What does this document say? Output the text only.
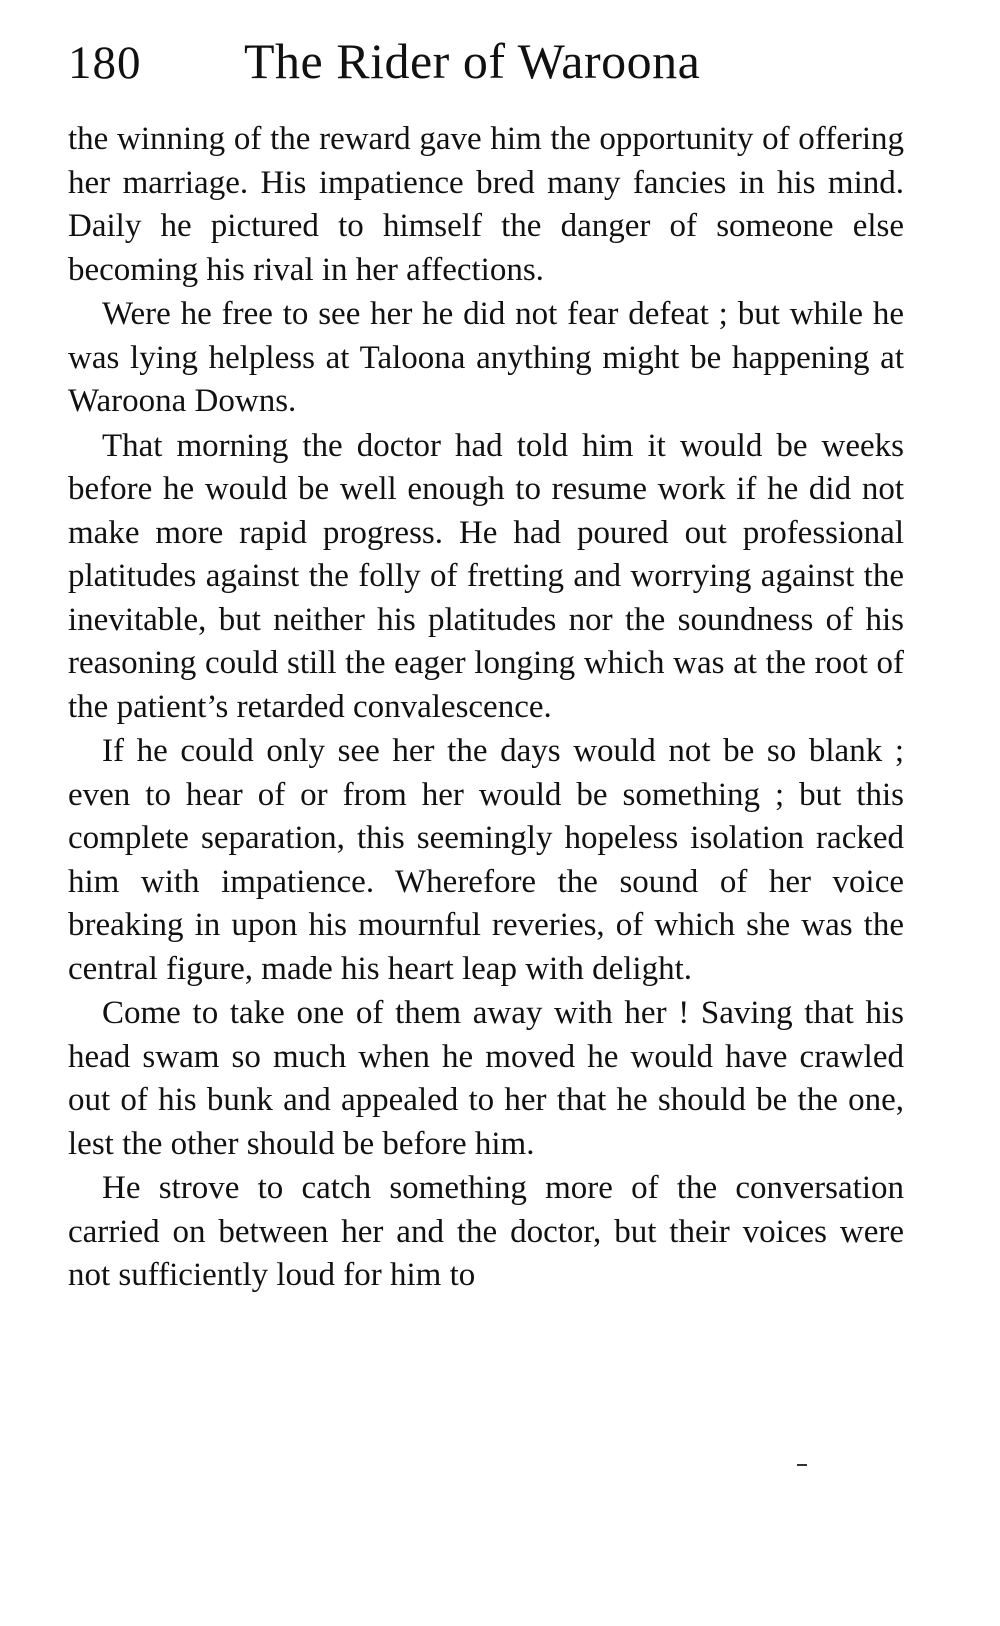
180	The Rider of Waroona

the winning of the reward gave him the opportunity of offering her marriage. His impatience bred many fancies in his mind. Daily he pictured to himself the danger of someone else becoming his rival in her affections.

Were he free to see her he did not fear defeat ; but while he was lying helpless at Taloona anything might be happening at Waroona Downs.

That morning the doctor had told him it would be weeks before he would be well enough to resume work if he did not make more rapid progress. He had poured out professional platitudes against the folly of fretting and worrying against the inevitable, but neither his platitudes nor the soundness of his reasoning could still the eager longing which was at the root of the patient’s retarded convalescence.

If he could only see her the days would not be so blank ; even to hear of or from her would be something ; but this complete separation, this seemingly hopeless isolation racked him with impatience. Wherefore the sound of her voice breaking in upon his mournful reveries, of which she was the central figure, made his heart leap with delight.

Come to take one of them away with her ! Saving that his head swam so much when he moved he would have crawled out of his bunk and appealed to her that he should be the one, lest the other should be before him.

He strove to catch something more of the conversation carried on between her and the doctor, but their voices were not sufficiently loud for him to
